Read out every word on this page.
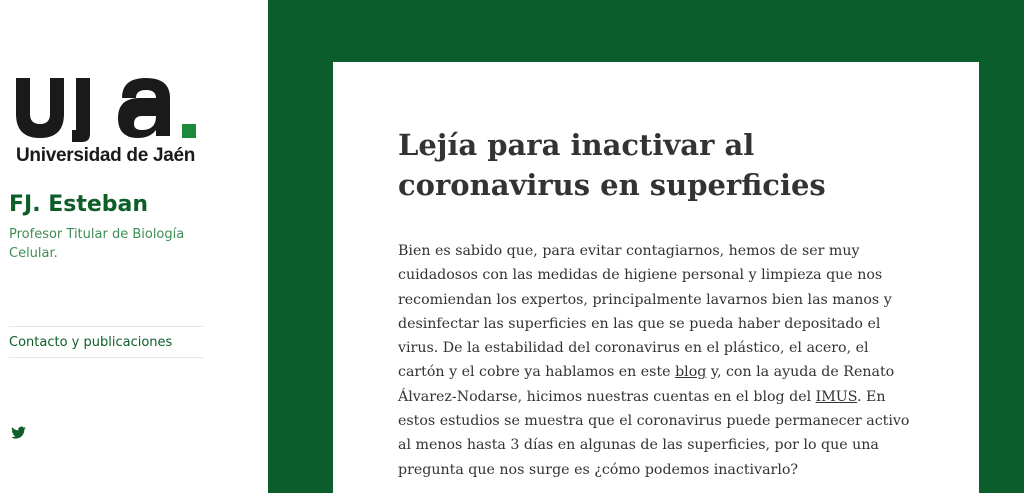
Universidad de Jaén
FJ. Esteban
Profesor Titular de Biología Celular.
Contacto y publicaciones
Lejía para inactivar al coronavirus en superficies

Bien es sabido que, para evitar contagiarnos, hemos de ser muy cuidadosos con las medidas de higiene personal y limpieza que nos recomiendan los expertos, principalmente lavarnos bien las manos y desinfectar las superficies en las que se pueda haber depositado el virus. De la estabilidad del coronavirus en el plástico, el acero, el cartón y el cobre ya hablamos en este blog y, con la ayuda de Renato Álvarez-Nodarse, hicimos nuestras cuentas en el blog del IMUS. En estos estudios se muestra que el coronavirus puede permanecer activo al menos hasta 3 días en algunas de las superficies, por lo que una pregunta que nos surge es ¿cómo podemos inactivarlo?
